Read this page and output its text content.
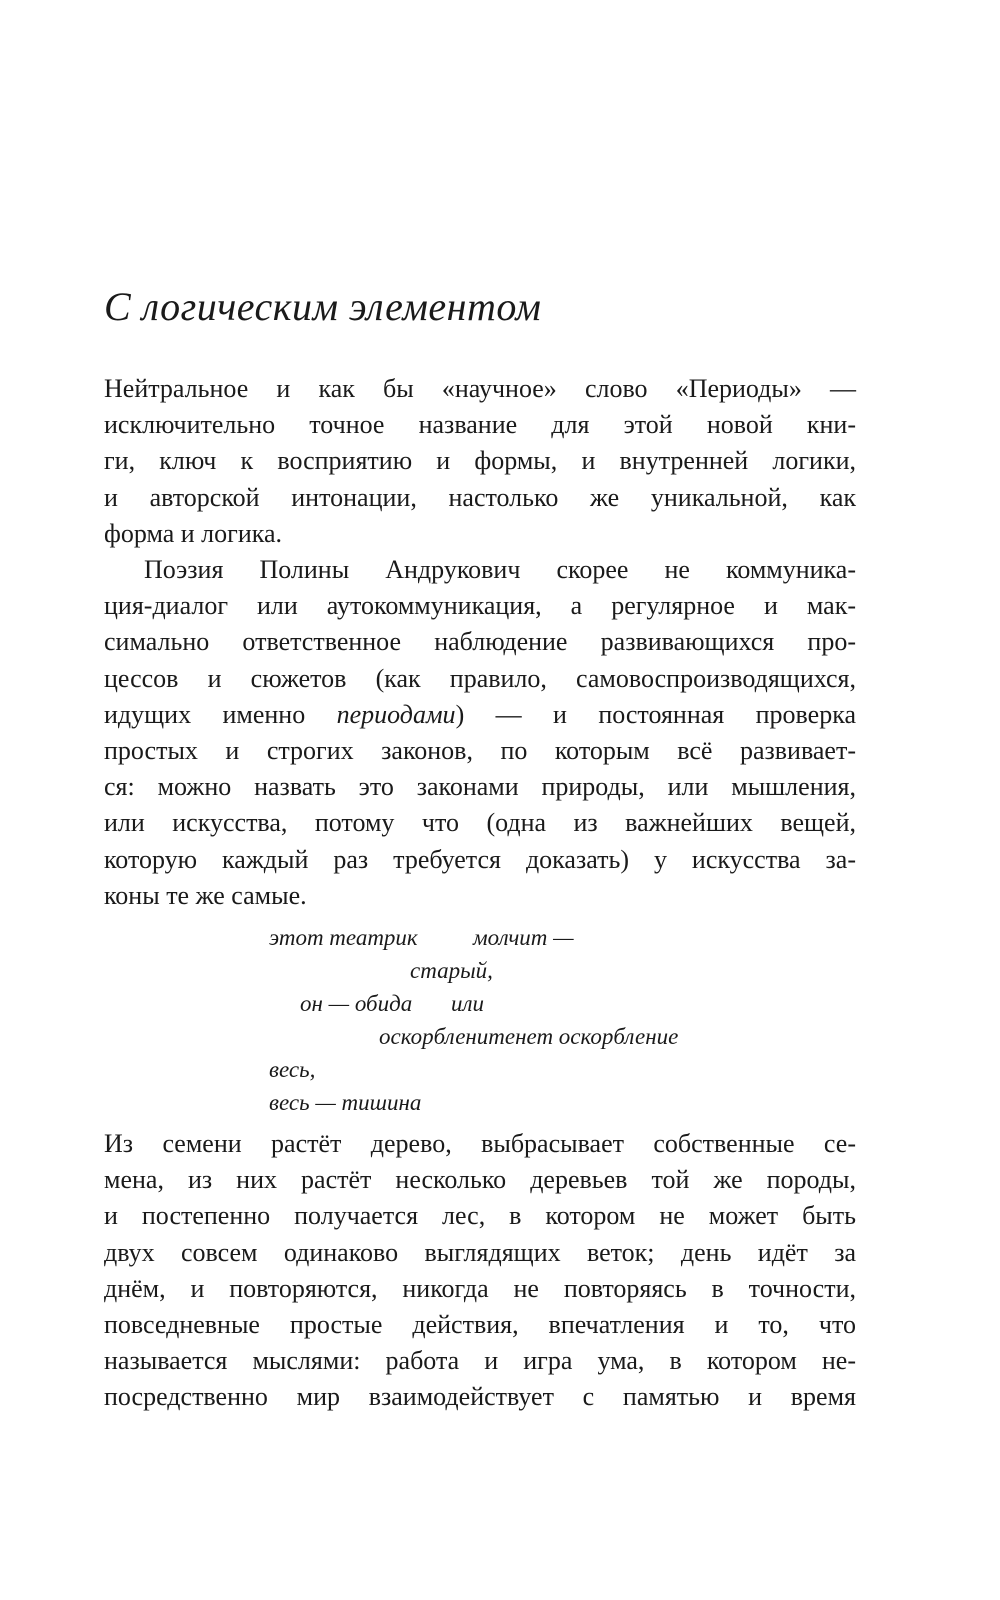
С логическим элементом
Нейтральное и как бы «научное» слово «Периоды» —
исключительно точное название для этой новой кни-
ги, ключ к восприятию и формы, и внутренней логики,
и авторской интонации, настолько же уникальной, как
форма и логика.
Поэзия Полины Андрукович скорее не коммуника-
ция-диалог или аутокоммуникация, а регулярное и мак-
симально ответственное наблюдение развивающихся про-
цессов и сюжетов (как правило, самовоспроизводящихся,
идущих именно периодами) — и постоянная проверка
простых и строгих законов, по которым всё развивает-
ся: можно назвать это законами природы, или мышления,
или искусства, потому что (одна из важнейших вещей,
которую каждый раз требуется доказать) у искусства за-
коны те же самые.
этот театрик молчит —
старый,
он — обида или
оскорбленитенет оскорбление
весь,
весь — тишина
Из семени растёт дерево, выбрасывает собственные се-
мена, из них растёт несколько деревьев той же породы,
и постепенно получается лес, в котором не может быть
двух совсем одинаково выглядящих веток; день идёт за
днём, и повторяются, никогда не повторяясь в точности,
повседневные простые действия, впечатления и то, что
называется мыслями: работа и игра ума, в котором не-
посредственно мир взаимодействует с памятью и время
